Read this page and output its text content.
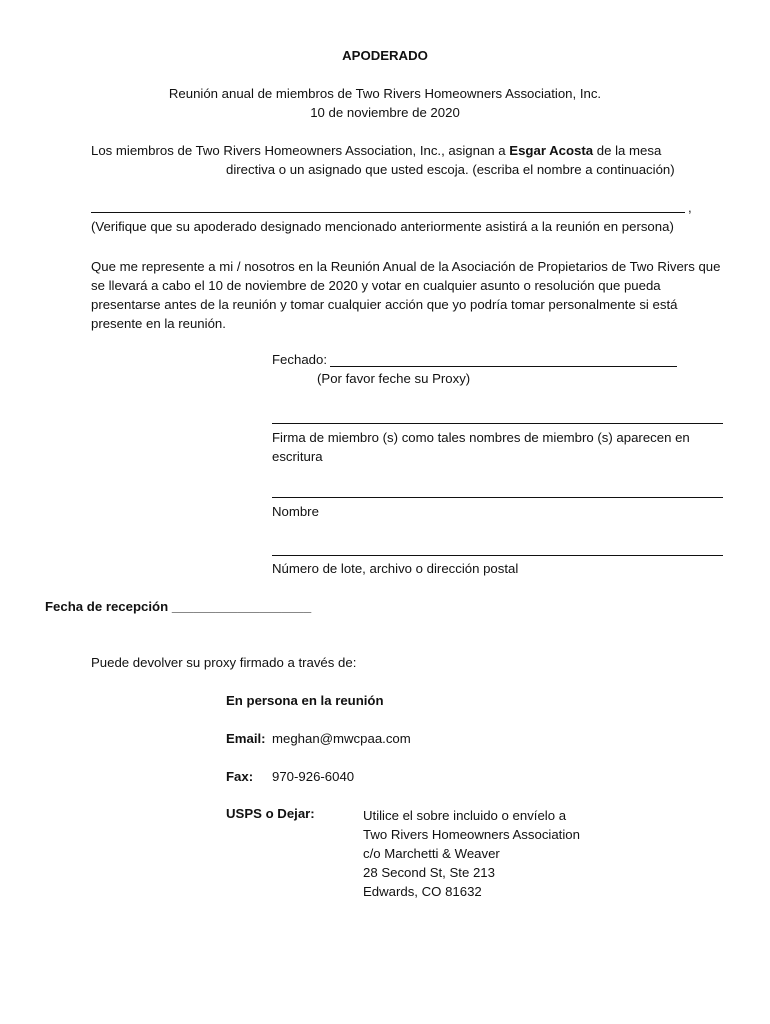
APODERADO
Reunión anual de miembros de Two Rivers Homeowners Association, Inc.
10 de noviembre de 2020
Los miembros de Two Rivers Homeowners Association, Inc., asignan a Esgar Acosta de la mesa
directiva o un asignado que usted escoja. (escriba el nombre a continuación)
,
(Verifique que su apoderado designado mencionado anteriormente asistirá a la reunión en persona)
Que me represente a mi / nosotros en la Reunión Anual de la Asociación de Propietarios de Two Rivers que se llevará a cabo el 10 de noviembre de 2020 y votar en cualquier asunto o resolución que pueda presentarse antes de la reunión y tomar cualquier acción que yo podría tomar personalmente si está presente en la reunión.
Fechado:
(Por favor feche su Proxy)
Firma de miembro (s) como tales nombres de miembro (s) aparecen en escritura
Nombre
Número de lote, archivo o dirección postal
Fecha de recepción ___________________
Puede devolver su proxy firmado a través de:
En persona en la reunión
Email: meghan@mwcpaa.com
Fax: 970-926-6040
USPS o Dejar:	Utilice el sobre incluido o envíelo a
Two Rivers Homeowners Association
c/o Marchetti & Weaver
28 Second St, Ste 213
Edwards, CO 81632
